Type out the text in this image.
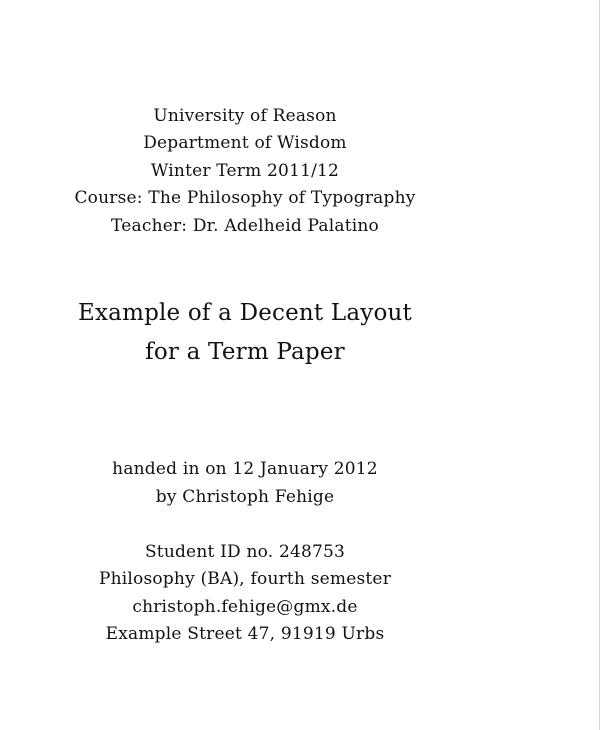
University of Reason
Department of Wisdom
Winter Term 2011/12
Course: The Philosophy of Typography
Teacher: Dr. Adelheid Palatino
Example of a Decent Layout
for a Term Paper
handed in on 12 January 2012
by Christoph Fehige
Student ID no. 248753
Philosophy (BA), fourth semester
christoph.fehige@gmx.de
Example Street 47, 91919 Urbs
